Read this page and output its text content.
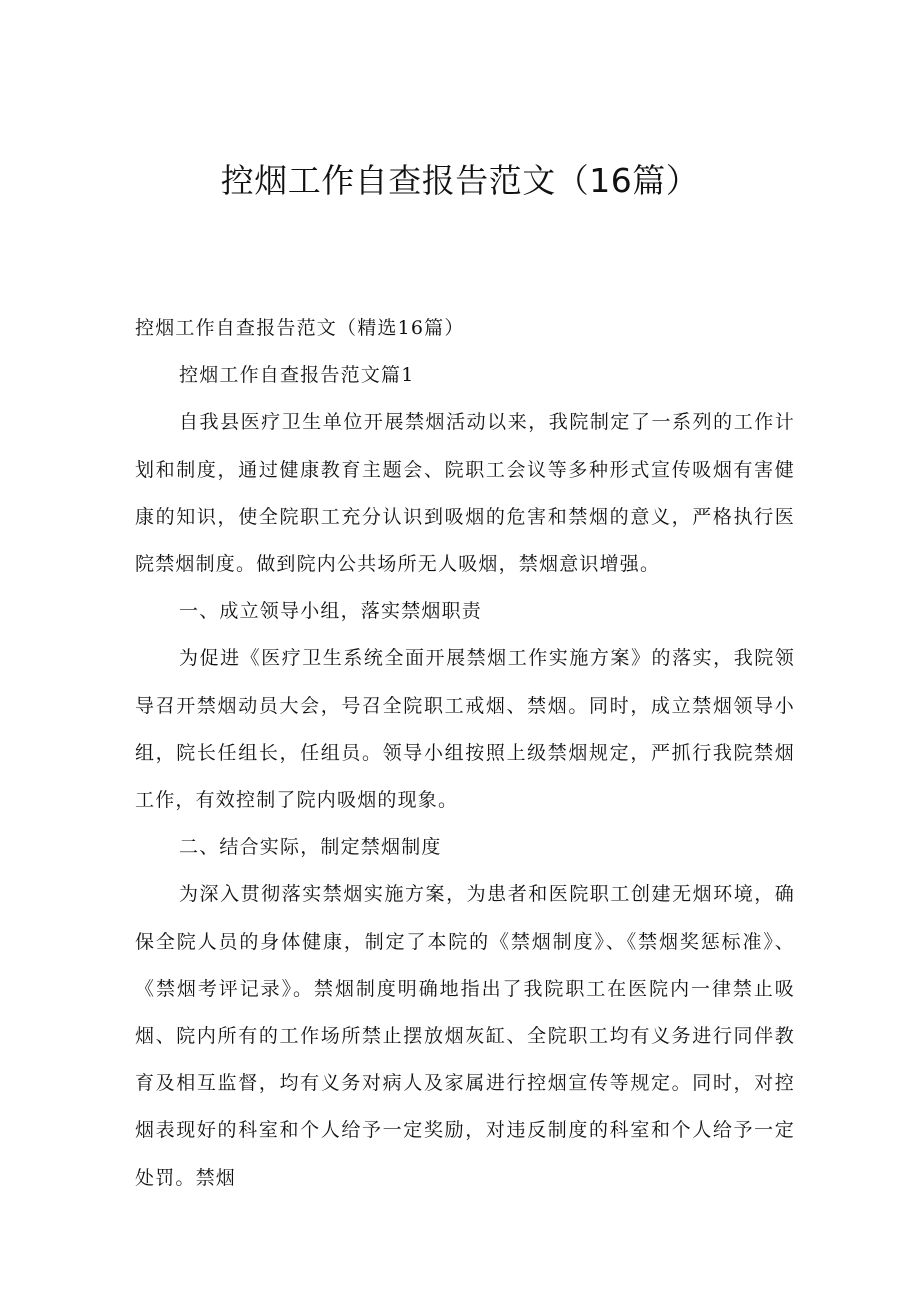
控烟工作自查报告范文（16篇）

控烟工作自查报告范文（精选16篇）

控烟工作自查报告范文篇1

自我县医疗卫生单位开展禁烟活动以来，我院制定了一系列的工作计划和制度，通过健康教育主题会、院职工会议等多种形式宣传吸烟有害健康的知识，使全院职工充分认识到吸烟的危害和禁烟的意义，严格执行医院禁烟制度。做到院内公共场所无人吸烟，禁烟意识增强。

一、成立领导小组，落实禁烟职责

为促进《医疗卫生系统全面开展禁烟工作实施方案》的落实，我院领导召开禁烟动员大会，号召全院职工戒烟、禁烟。同时，成立禁烟领导小组，院长任组长，任组员。领导小组按照上级禁烟规定，严抓行我院禁烟工作，有效控制了院内吸烟的现象。

二、结合实际，制定禁烟制度

为深入贯彻落实禁烟实施方案，为患者和医院职工创建无烟环境，确保全院人员的身体健康，制定了本院的《禁烟制度》、《禁烟奖惩标准》、《禁烟考评记录》。禁烟制度明确地指出了我院职工在医院内一律禁止吸烟、院内所有的工作场所禁止摆放烟灰缸、全院职工均有义务进行同伴教育及相互监督，均有义务对病人及家属进行控烟宣传等规定。同时，对控烟表现好的科室和个人给予一定奖励，对违反制度的科室和个人给予一定处罚。禁烟
